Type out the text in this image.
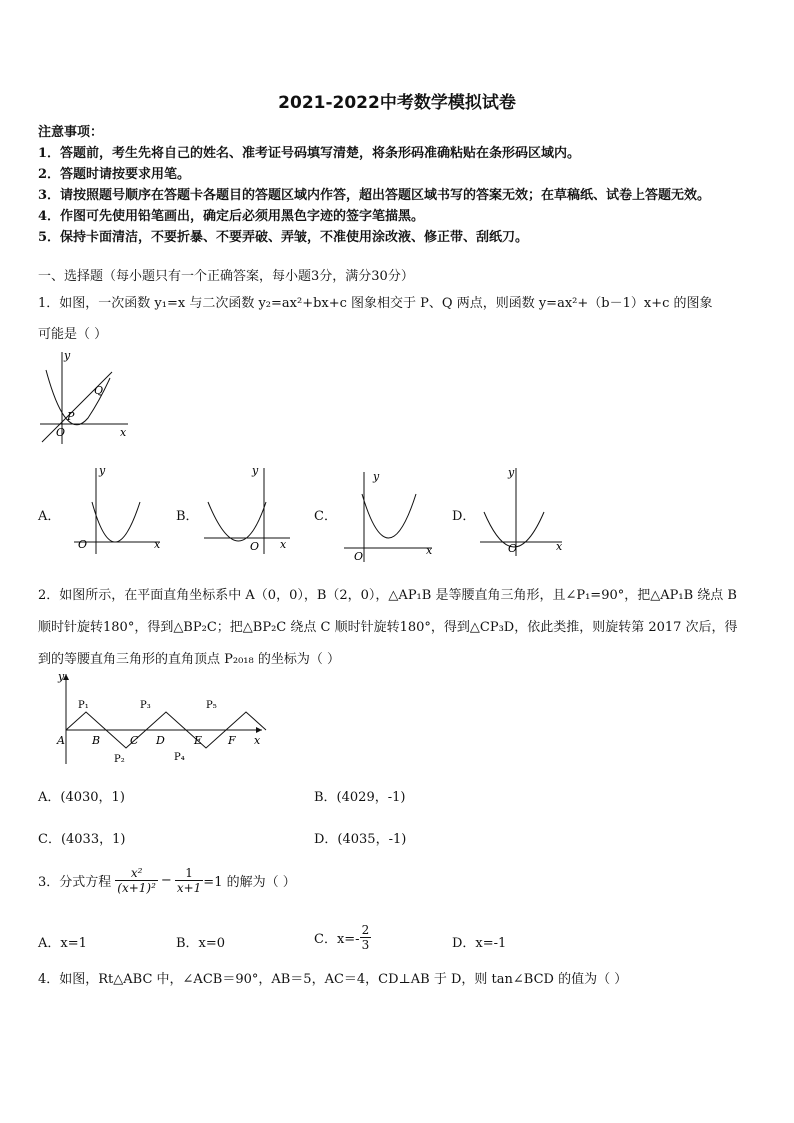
2021-2022中考数学模拟试卷
注意事项：
1．答题前，考生先将自己的姓名、准考证号码填写清楚，将条形码准确粘贴在条形码区域内。
2．答题时请按要求用笔。
3．请按照题号顺序在答题卡各题目的答题区域内作答，超出答题区域书写的答案无效；在草稿纸、试卷上答题无效。
4．作图可先使用铅笔画出，确定后必须用黑色字迹的签字笔描黑。
5．保持卡面清洁，不要折暴、不要弄破、弄皱，不准使用涂改液、修正带、刮纸刀。
一、选择题（每小题只有一个正确答案，每小题3分，满分30分）
1．如图，一次函数 y₁=x 与二次函数 y₂=ax²+bx+c 图象相交于 P、Q 两点，则函数 y=ax²+（b－1）x+c 的图象
可能是（ ）
y
x
O
P
Q
A．
y
x
O
B．
y
x
O
C．
y
x
O
D．
y
x
O
2．如图所示，在平面直角坐标系中 A（0，0），B（2，0），△AP₁B 是等腰直角三角形，且∠P₁=90°，把△AP₁B 绕点 B
顺时针旋转180°，得到△BP₂C；把△BP₂C 绕点 C 顺时针旋转180°，得到△CP₃D，依此类推，则旋转第 2017 次后，得
到的等腰直角三角形的直角顶点 P₂₀₁₈ 的坐标为（ ）
y
x
A B	C D	E F
P₁
P₂
P₃
P₄
P₅
A．(4030，1)	B．(4029，-1)
C．(4033，1)	D．(4035，-1)
3．分式方程 $\frac{\text{x²}}{\text{(x+1)²}} - \frac{1}{x+1} =1$ 的解为（ ）
A．x=1	B．x=0	C．$x=- \frac{2}{3}$	D．x=-1
4．如图，Rt△ABC 中，∠ACB＝90°，AB＝5，AC＝4，CD⊥AB 于 D，则 tan∠BCD 的值为（ ）
